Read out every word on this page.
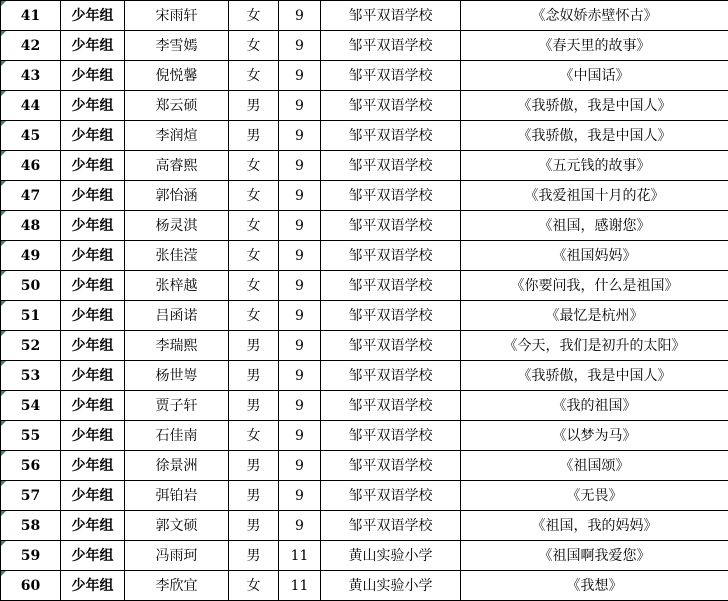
41	少年组	宋雨轩	女	9	邹平双语学校	《念奴娇赤壁怀古》
42	少年组	李雪嫣	女	9	邹平双语学校	《春天里的故事》
43	少年组	倪悦馨	女	9	邹平双语学校	《中国话》
44	少年组	郑云硕	男	9	邹平双语学校	《我骄傲，我是中国人》
45	少年组	李润煊	男	9	邹平双语学校	《我骄傲，我是中国人》
46	少年组	高睿熙	女	9	邹平双语学校	《五元钱的故事》
47	少年组	郭怡涵	女	9	邹平双语学校	《我爱祖国十月的花》
48	少年组	杨灵淇	女	9	邹平双语学校	《祖国，感谢您》
49	少年组	张佳滢	女	9	邹平双语学校	《祖国妈妈》
50	少年组	张梓越	女	9	邹平双语学校	《你要问我，什么是祖国》
51	少年组	吕函诺	女	9	邹平双语学校	《最忆是杭州》
52	少年组	李瑞熙	男	9	邹平双语学校	《今天，我们是初升的太阳》
53	少年组	杨世㟧	男	9	邹平双语学校	《我骄傲，我是中国人》
54	少年组	贾子轩	男	9	邹平双语学校	《我的祖国》
55	少年组	石佳南	女	9	邹平双语学校	《以梦为马》
56	少年组	徐景洲	男	9	邹平双语学校	《祖国颂》
57	少年组	弭铂岩	男	9	邹平双语学校	《无畏》
58	少年组	郭文硕	男	9	邹平双语学校	《祖国，我的妈妈》
59	少年组	冯雨珂	男	11	黄山实验小学	《祖国啊我爱您》
60	少年组	李欣宜	女	11	黄山实验小学	《我想》
